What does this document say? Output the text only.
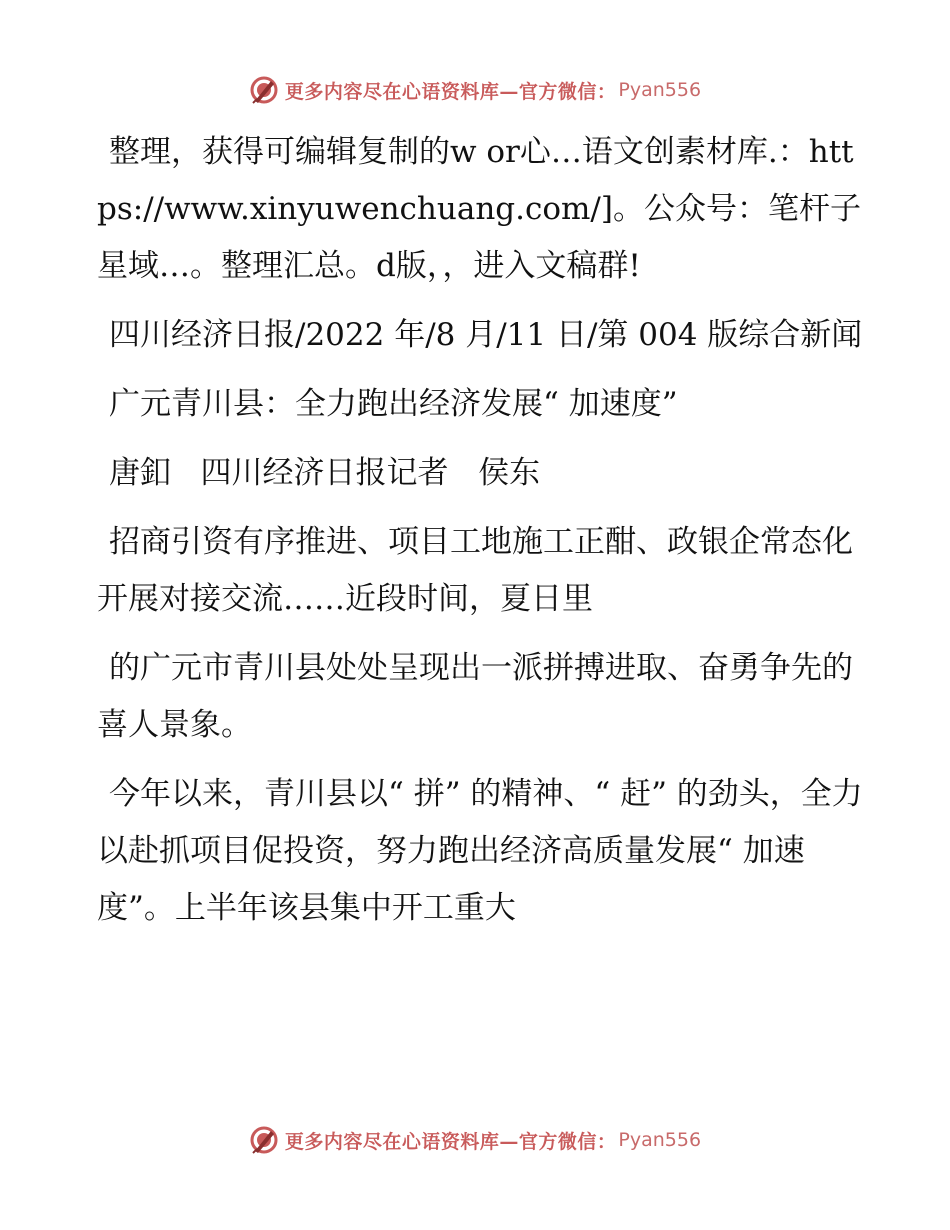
更多内容尽在心语资料库—官方微信： Pyan556

整理，获得可编辑复制的w or心…语文创素材库.：https://www.xinyuwenchuang.com/]。公众号：笔杆子星域…。整理汇总。d版，，进入文稿群!

四川经济日报/2022 年/8 月/11 日/第 004 版综合新闻

广元青川县：全力跑出经济发展“ 加速度”

唐釦   四川经济日报记者   侯东

招商引资有序推进、项目工地施工正酣、政银企常态化开展对接交流……近段时间，夏日里

的广元市青川县处处呈现出一派拼搏进取、奋勇争先的喜人景象。

今年以来，青川县以“ 拼” 的精神、“ 赶” 的劲头，全力以赴抓项目促投资，努力跑出经济高质量发展“ 加速度”。上半年该县集中开工重大

更多内容尽在心语资料库—官方微信： Pyan556
